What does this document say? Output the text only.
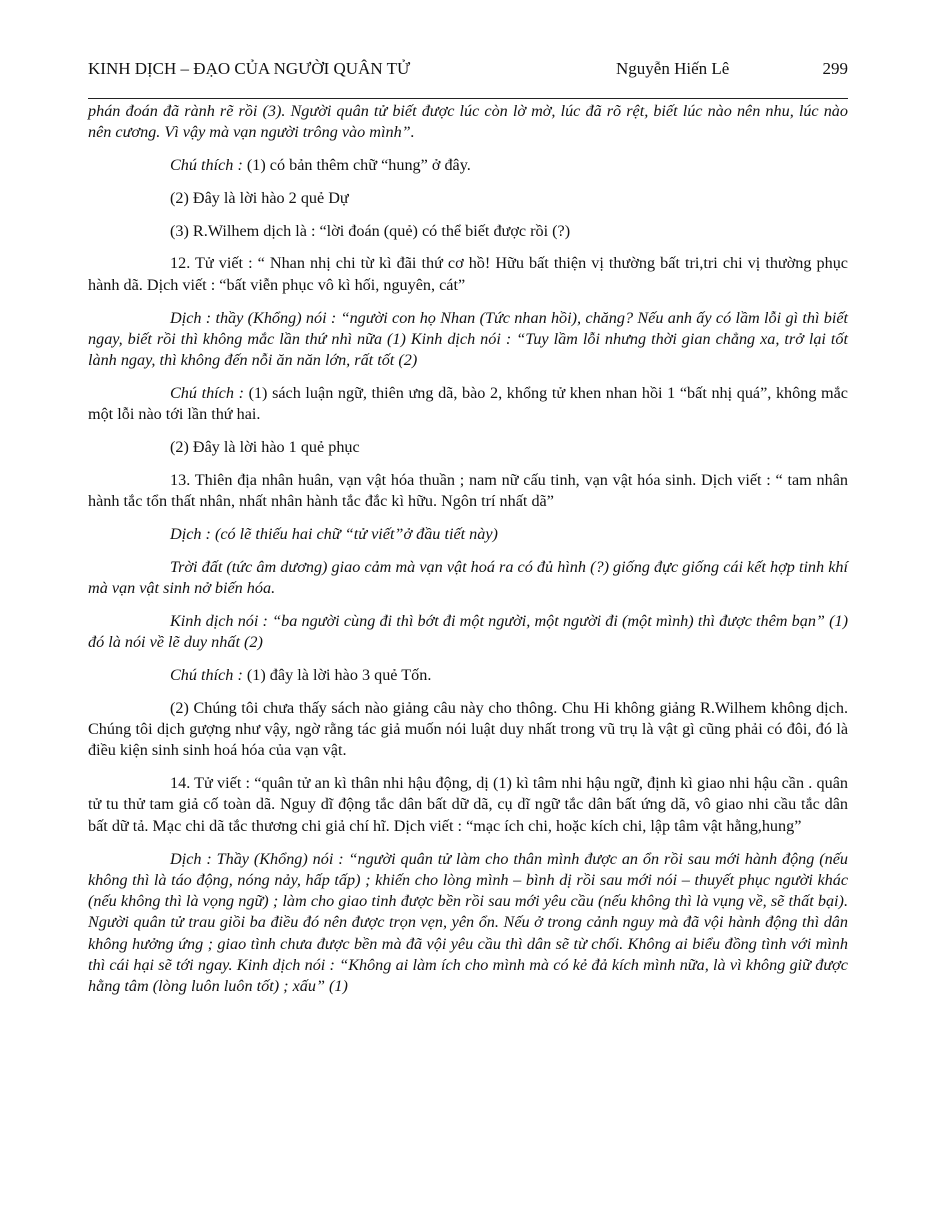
KINH DỊCH – ĐẠO CỦA NGƯỜI QUÂN TỬ	Nguyễn Hiến Lê	299

phán đoán đã rành rẽ rồi (3). Người quân tử biết được lúc còn lờ mờ, lúc đã rõ rệt, biết lúc nào nên nhu, lúc nào nên cương. Vì vậy mà vạn người trông vào mình”.

Chú thích : (1) có bản thêm chữ “hung” ở đây.

(2) Đây là lời hào 2 quẻ Dự

(3) R.Wilhem dịch là : “lời đoán (quẻ) có thể biết được rồi (?)

12. Tử viết : “ Nhan nhị chi từ kì đãi thứ cơ hồ! Hữu bất thiện vị thường bất tri,tri chi vị thường phục hành dã. Dịch viết : “bất viễn phục vô kì hối, nguyên, cát”

Dịch : thầy (Khổng) nói : “người con họ Nhan (Tức nhan hồi), chăng? Nếu anh ấy có lầm lỗi gì thì biết ngay, biết rồi thì không mắc lần thứ nhì nữa (1) Kinh dịch nói : “Tuy lầm lỗi nhưng thời gian chẳng xa, trở lại tốt lành ngay, thì không đến nỗi ăn năn lớn, rất tốt (2)

Chú thích : (1) sách luận ngữ, thiên ưng dã, bào 2, khổng tử khen nhan hồi 1 “bất nhị quá”, không mắc một lỗi nào tới lần thứ hai.

(2) Đây là lời hào 1 quẻ phục

13. Thiên địa nhân huân, vạn vật hóa thuần ; nam nữ cấu tinh, vạn vật hóa sinh. Dịch viết : “ tam nhân hành tắc tổn thất nhân, nhất nhân hành tắc đắc kì hữu. Ngôn trí nhất dã”

Dịch : (có lẽ thiếu hai chữ “tử viết”ở đầu tiết này)

Trời đất (tức âm dương) giao cảm mà vạn vật hoá ra có đủ hình (?) giống đực giống cái kết hợp tinh khí mà vạn vật sinh nở biến hóa.

Kinh dịch nói : “ba người cùng đi thì bớt đi một người, một người đi (một mình) thì được thêm bạn” (1) đó là nói về lẽ duy nhất (2)

Chú thích : (1) đây là lời hào 3 quẻ Tốn.

(2) Chúng tôi chưa thấy sách nào giảng câu này cho thông. Chu Hi không giảng R.Wilhem không dịch. Chúng tôi dịch gượng như vậy, ngờ rằng tác giả muốn nói luật duy nhất trong vũ trụ là vật gì cũng phải có đôi, đó là điều kiện sinh sinh hoá hóa của vạn vật.

14. Tử viết : “quân tử an kì thân nhi hậu động, dị (1) kì tâm nhi hậu ngữ, định kì giao nhi hậu cần . quân tử tu thử tam giả cố toàn dã. Nguy dĩ động tắc dân bất dữ dã, cụ dĩ ngữ tắc dân bất ứng dã, vô giao nhi cầu tắc dân bất dữ tả. Mạc chi dã tắc thương chi giả chí hĩ. Dịch viết : “mạc ích chi, hoặc kích chi, lập tâm vật hằng,hung”

Dịch : Thầy (Khổng) nói : “người quân tử làm cho thân mình được an ổn rồi sau mới hành động (nếu không thì là táo động, nóng nảy, hấp tấp) ; khiến cho lòng mình – bình dị rồi sau mới nói – thuyết phục người khác (nếu không thì là vọng ngữ) ; làm cho giao tinh được bền rồi sau mới yêu cầu (nếu không thì là vụng về, sẽ thất bại). Người quân tử trau giồi ba điều đó nên được trọn vẹn, yên ổn. Nếu ở trong cảnh nguy mà đã vội hành động thì dân không hưởng ứng ; giao tình chưa được bền mà đã vội yêu cầu thì dân sẽ từ chối. Không ai biểu đồng tình với mình thì cái hại sẽ tới ngay. Kinh dịch nói : “Không ai làm ích cho mình mà có kẻ đả kích mình nữa, là vì không giữ được hằng tâm (lòng luôn luôn tốt) ; xấu” (1)
